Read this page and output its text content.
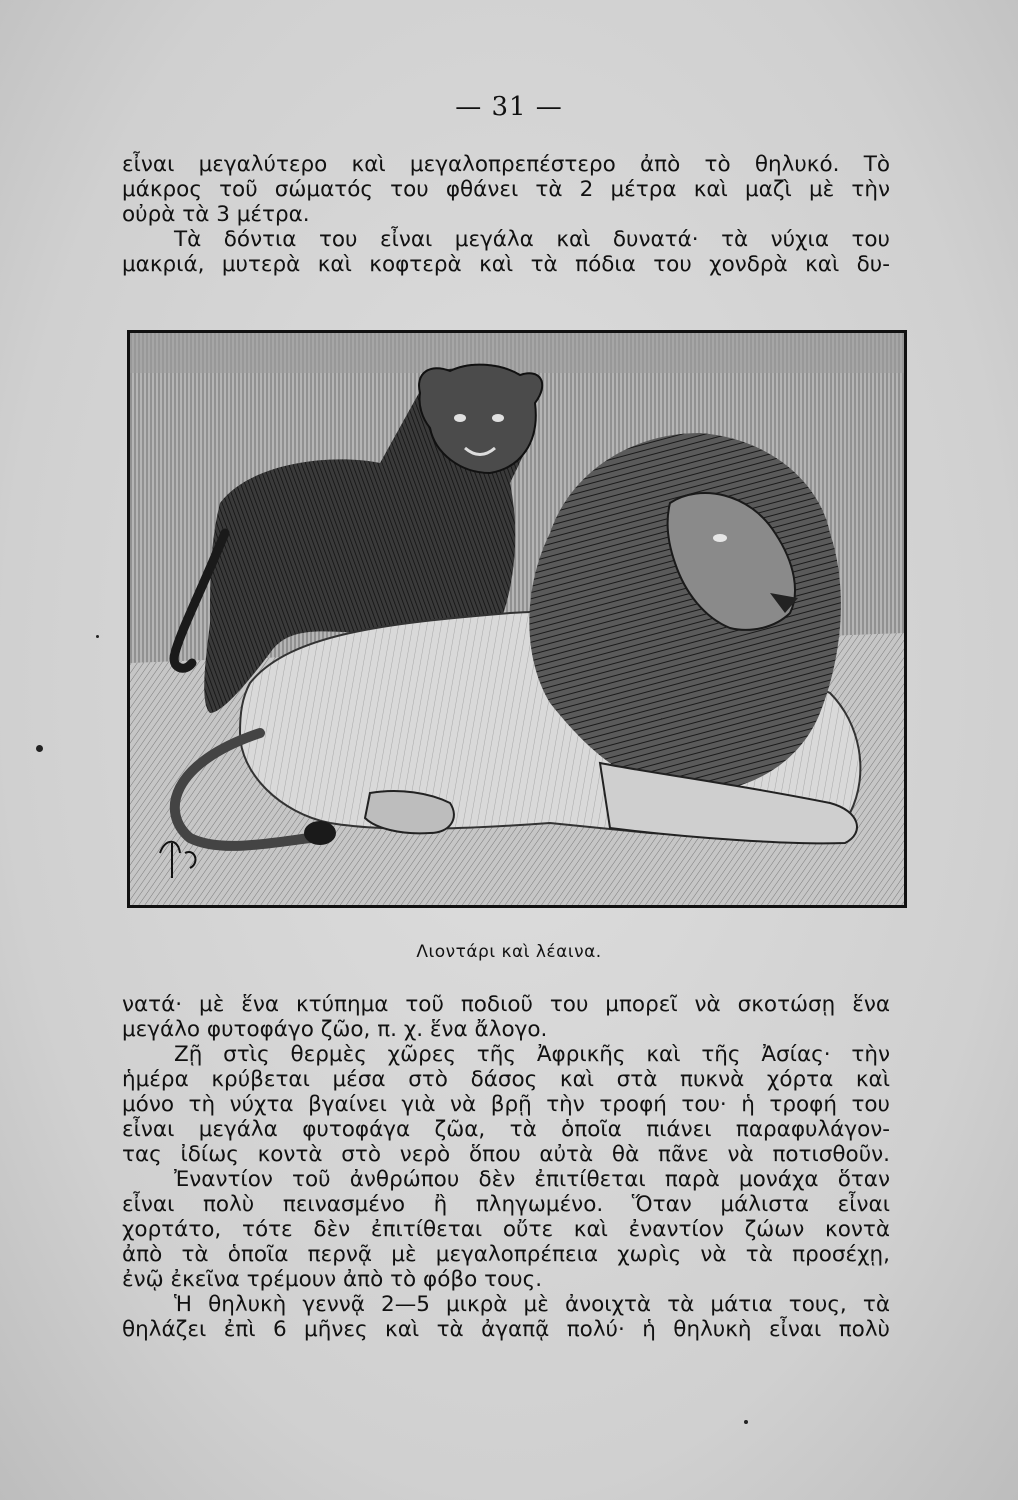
— 31 —
εἶναι μεγαλύτερο καὶ μεγαλοπρεπέστερο ἀπὸ τὸ θηλυκό. Τὸ
μάκρος τοῦ σώματός του φθάνει τὰ 2 μέτρα καὶ μαζὶ μὲ τὴν
οὐρὰ τὰ 3 μέτρα.
Τὰ δόντια του εἶναι μεγάλα καὶ δυνατά· τὰ νύχια του
μακριά, μυτερὰ καὶ κοφτερὰ καὶ τὰ πόδια του χονδρὰ καὶ δυ-
Λιοντάρι καὶ λέαινα.
νατά· μὲ ἕνα κτύπημα τοῦ ποδιοῦ του μπορεῖ νὰ σκοτώσῃ ἕνα
μεγάλο φυτοφάγο ζῶο, π. χ. ἕνα ἄλογο.
Ζῇ στὶς θερμὲς χῶρες τῆς Ἀφρικῆς καὶ τῆς Ἀσίας· τὴν
ἡμέρα κρύβεται μέσα στὸ δάσος καὶ στὰ πυκνὰ χόρτα καὶ
μόνο τὴ νύχτα βγαίνει γιὰ νὰ βρῇ τὴν τροφή του· ἡ τροφή του
εἶναι μεγάλα φυτοφάγα ζῶα, τὰ ὁποῖα πιάνει παραφυλάγον-
τας ἰδίως κοντὰ στὸ νερὸ ὅπου αὐτὰ θὰ πᾶνε νὰ ποτισθοῦν.
Ἐναντίον τοῦ ἀνθρώπου δὲν ἐπιτίθεται παρὰ μονάχα ὅταν
εἶναι πολὺ πεινασμένο ἢ πληγωμένο. Ὅταν μάλιστα εἶναι
χορτάτο, τότε δὲν ἐπιτίθεται οὔτε καὶ ἐναντίον ζώων κοντὰ
ἀπὸ τὰ ὁποῖα περνᾷ μὲ μεγαλοπρέπεια χωρὶς νὰ τὰ προσέχῃ,
ἐνῷ ἐκεῖνα τρέμουν ἀπὸ τὸ φόβο τους.
Ἡ θηλυκὴ γεννᾷ 2—5 μικρὰ μὲ ἀνοιχτὰ τὰ μάτια τους, τὰ
θηλάζει ἐπὶ 6 μῆνες καὶ τὰ ἀγαπᾷ πολύ· ἡ θηλυκὴ εἶναι πολὺ
